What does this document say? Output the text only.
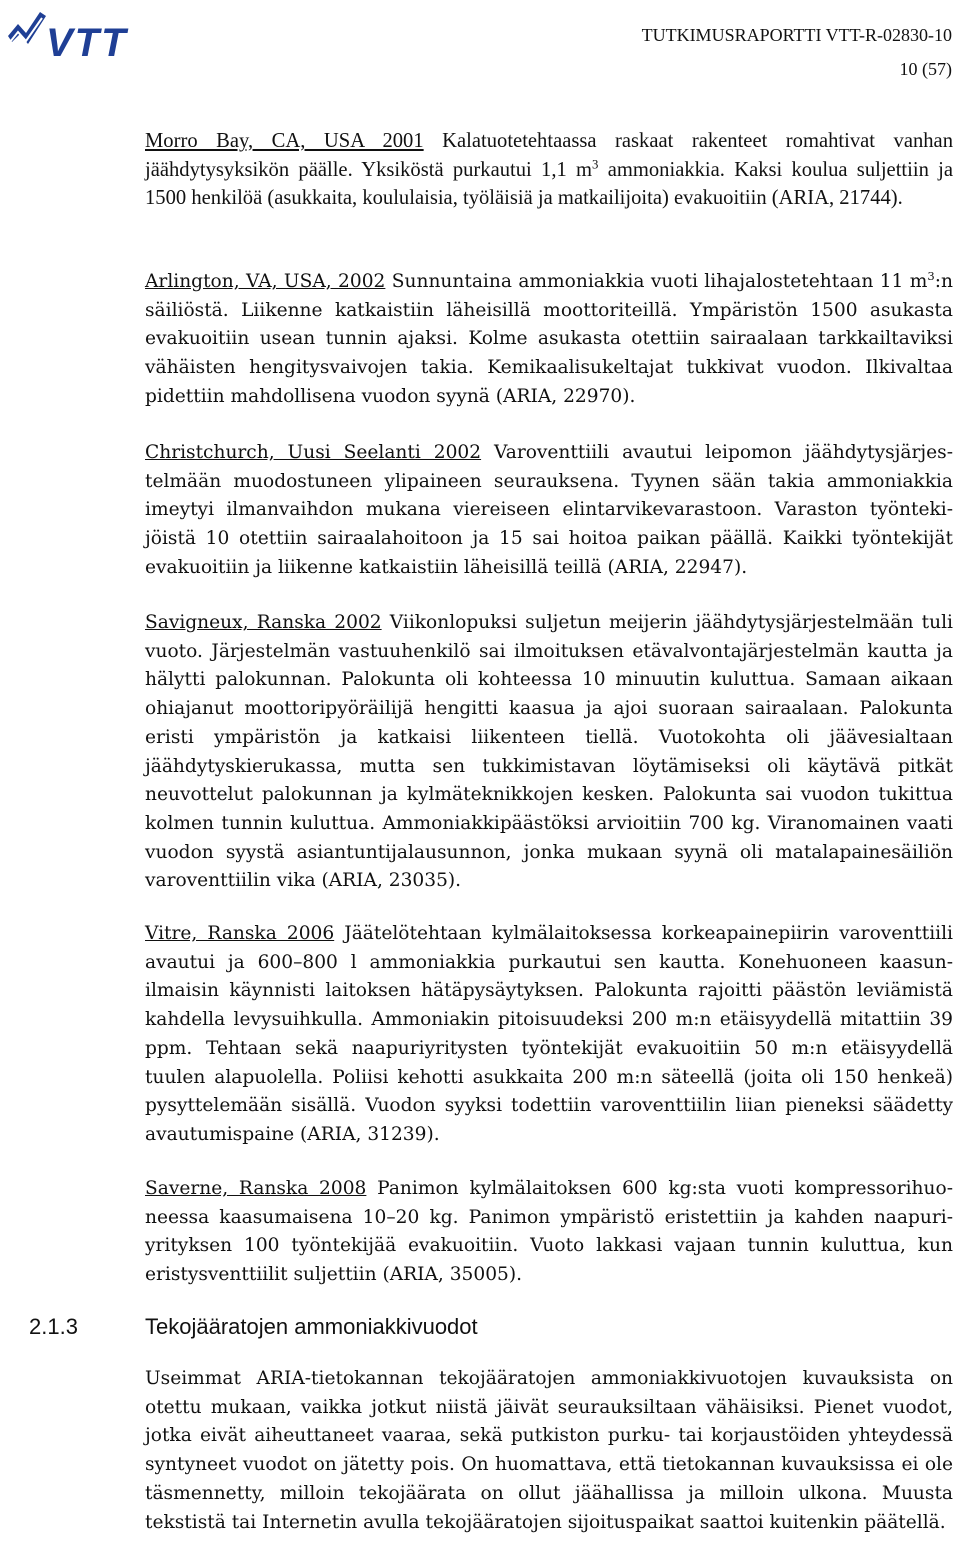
VTT	TUTKIMUSRAPORTTI VTT-R-02830-10
10 (57)

Morro Bay, CA, USA 2001 Kalatuotetehtaassa raskaat rakenteet romahtivat vanhan jäähdytysyksikön päälle. Yksiköstä purkautui 1,1 $m^3$ ammoniakkia. Kaksi koulua suljettiin ja 1500 henkilöä (asukkaita, koululaisia, työläisiä ja matkailijoita) evakuoitiin (ARIA, 21744).

Arlington, VA, USA, 2002 Sunnuntaina ammoniakkia vuoti lihajalostetehtaan 11 $m^3:n$ säiliöstä. Liikenne katkaistiin läheisillä moottoriteillä. Ympäristön 1500 asukasta evakuoitiin usean tunnin ajaksi. Kolme asukasta otettiin sairaalaan tarkkailtaviksi vähäisten hengitysvaivojen takia. Kemikaalisukeltajat tukkivat vuodon. Ilkivaltaa pidettiin mahdollisena vuodon syynä (ARIA, 22970).

Christchurch, Uusi Seelanti 2002 Varoventtiili avautui leipomon jäähdytysjärjestelmään muodostuneen ylipaineen seurauksena. Tyynen sään takia ammoniakkia imeytyi ilmanvaihdon mukana viereiseen elintarvikevarastoon. Varaston työntekijöistä 10 otettiin sairaalahoitoon ja 15 sai hoitoa paikan päällä. Kaikki työntekijät evakuoitiin ja liikenne katkaistiin läheisillä teillä (ARIA, 22947).

Savigneux, Ranska 2002 Viikonlopuksi suljetun meijerin jäähdytysjärjestelmään tuli vuoto. Järjestelmän vastuuhenkilö sai ilmoituksen etävalvontajärjestelmän kautta ja hälytti palokunnan. Palokunta oli kohteessa 10 minuutin kuluttua. Samaan aikaan ohiajanut moottoripyöräilijä hengitti kaasua ja ajoi suoraan sairaalaan. Palokunta eristi ympäristön ja katkaisi liikenteen tiellä. Vuotokohta oli jäävesialtaan jäähdytyskierukassa, mutta sen tukkimistavan löytämiseksi oli käytävä pitkät neuvottelut palokunnan ja kylmäteknikkojen kesken. Palokunta sai vuodon tukittua kolmen tunnin kuluttua. Ammoniakkipäästöksi arvioitiin 700 kg. Viranomainen vaati vuodon syystä asiantuntijalausunnon, jonka mukaan syynä oli matalapainesäiliön varoventtiilin vika (ARIA, 23035).

Vitre, Ranska 2006 Jäätelötehtaan kylmälaitoksessa korkeapainepiirin varoventtiili avautui ja 600–800 l ammoniakkia purkautui sen kautta. Konehuoneen kaasunilmaisin käynnisti laitoksen hätäpysäytyksen. Palokunta rajoitti päästön leviämistä kahdella levysuihkulla. Ammoniakin pitoisuudeksi 200 m:n etäisyydellä mitattiin 39 ppm. Tehtaan sekä naapuriyritysten työntekijät evakuoitiin 50 m:n etäisyydellä tuulen alapuolella. Poliisi kehotti asukkaita 200 m:n säteellä (joita oli 150 henkeä) pysyttelemään sisällä. Vuodon syyksi todettiin varoventtiilin liian pieneksi säädetty avautumispaine (ARIA, 31239).

Saverne, Ranska 2008 Panimon kylmälaitoksen 600 kg:sta vuoti kompressorihuoneessa kaasumaisena 10–20 kg. Panimon ympäristö eristettiin ja kahden naapuriyrityksen 100 työntekijää evakuoitiin. Vuoto lakkasi vajaan tunnin kuluttua, kun eristysventtiilit suljettiin (ARIA, 35005).

2.1.3	Tekojääratojen ammoniakkivuodot

Useimmat ARIA-tietokannan tekojääratojen ammoniakkivuotojen kuvauksista on otettu mukaan, vaikka jotkut niistä jäivät seurauksiltaan vähäisiksi. Pienet vuodot, jotka eivät aiheuttaneet vaaraa, sekä putkiston purku- tai korjaustöiden yhteydessä syntyneet vuodot on jätetty pois. On huomattava, että tietokannan kuvauksissa ei ole täsmennetty, milloin tekojäärata on ollut jäähallissa ja milloin ulkona. Muusta tekstistä tai Internetin avulla tekojääratojen sijoituspaikat saattoi kuitenkin päätellä.
